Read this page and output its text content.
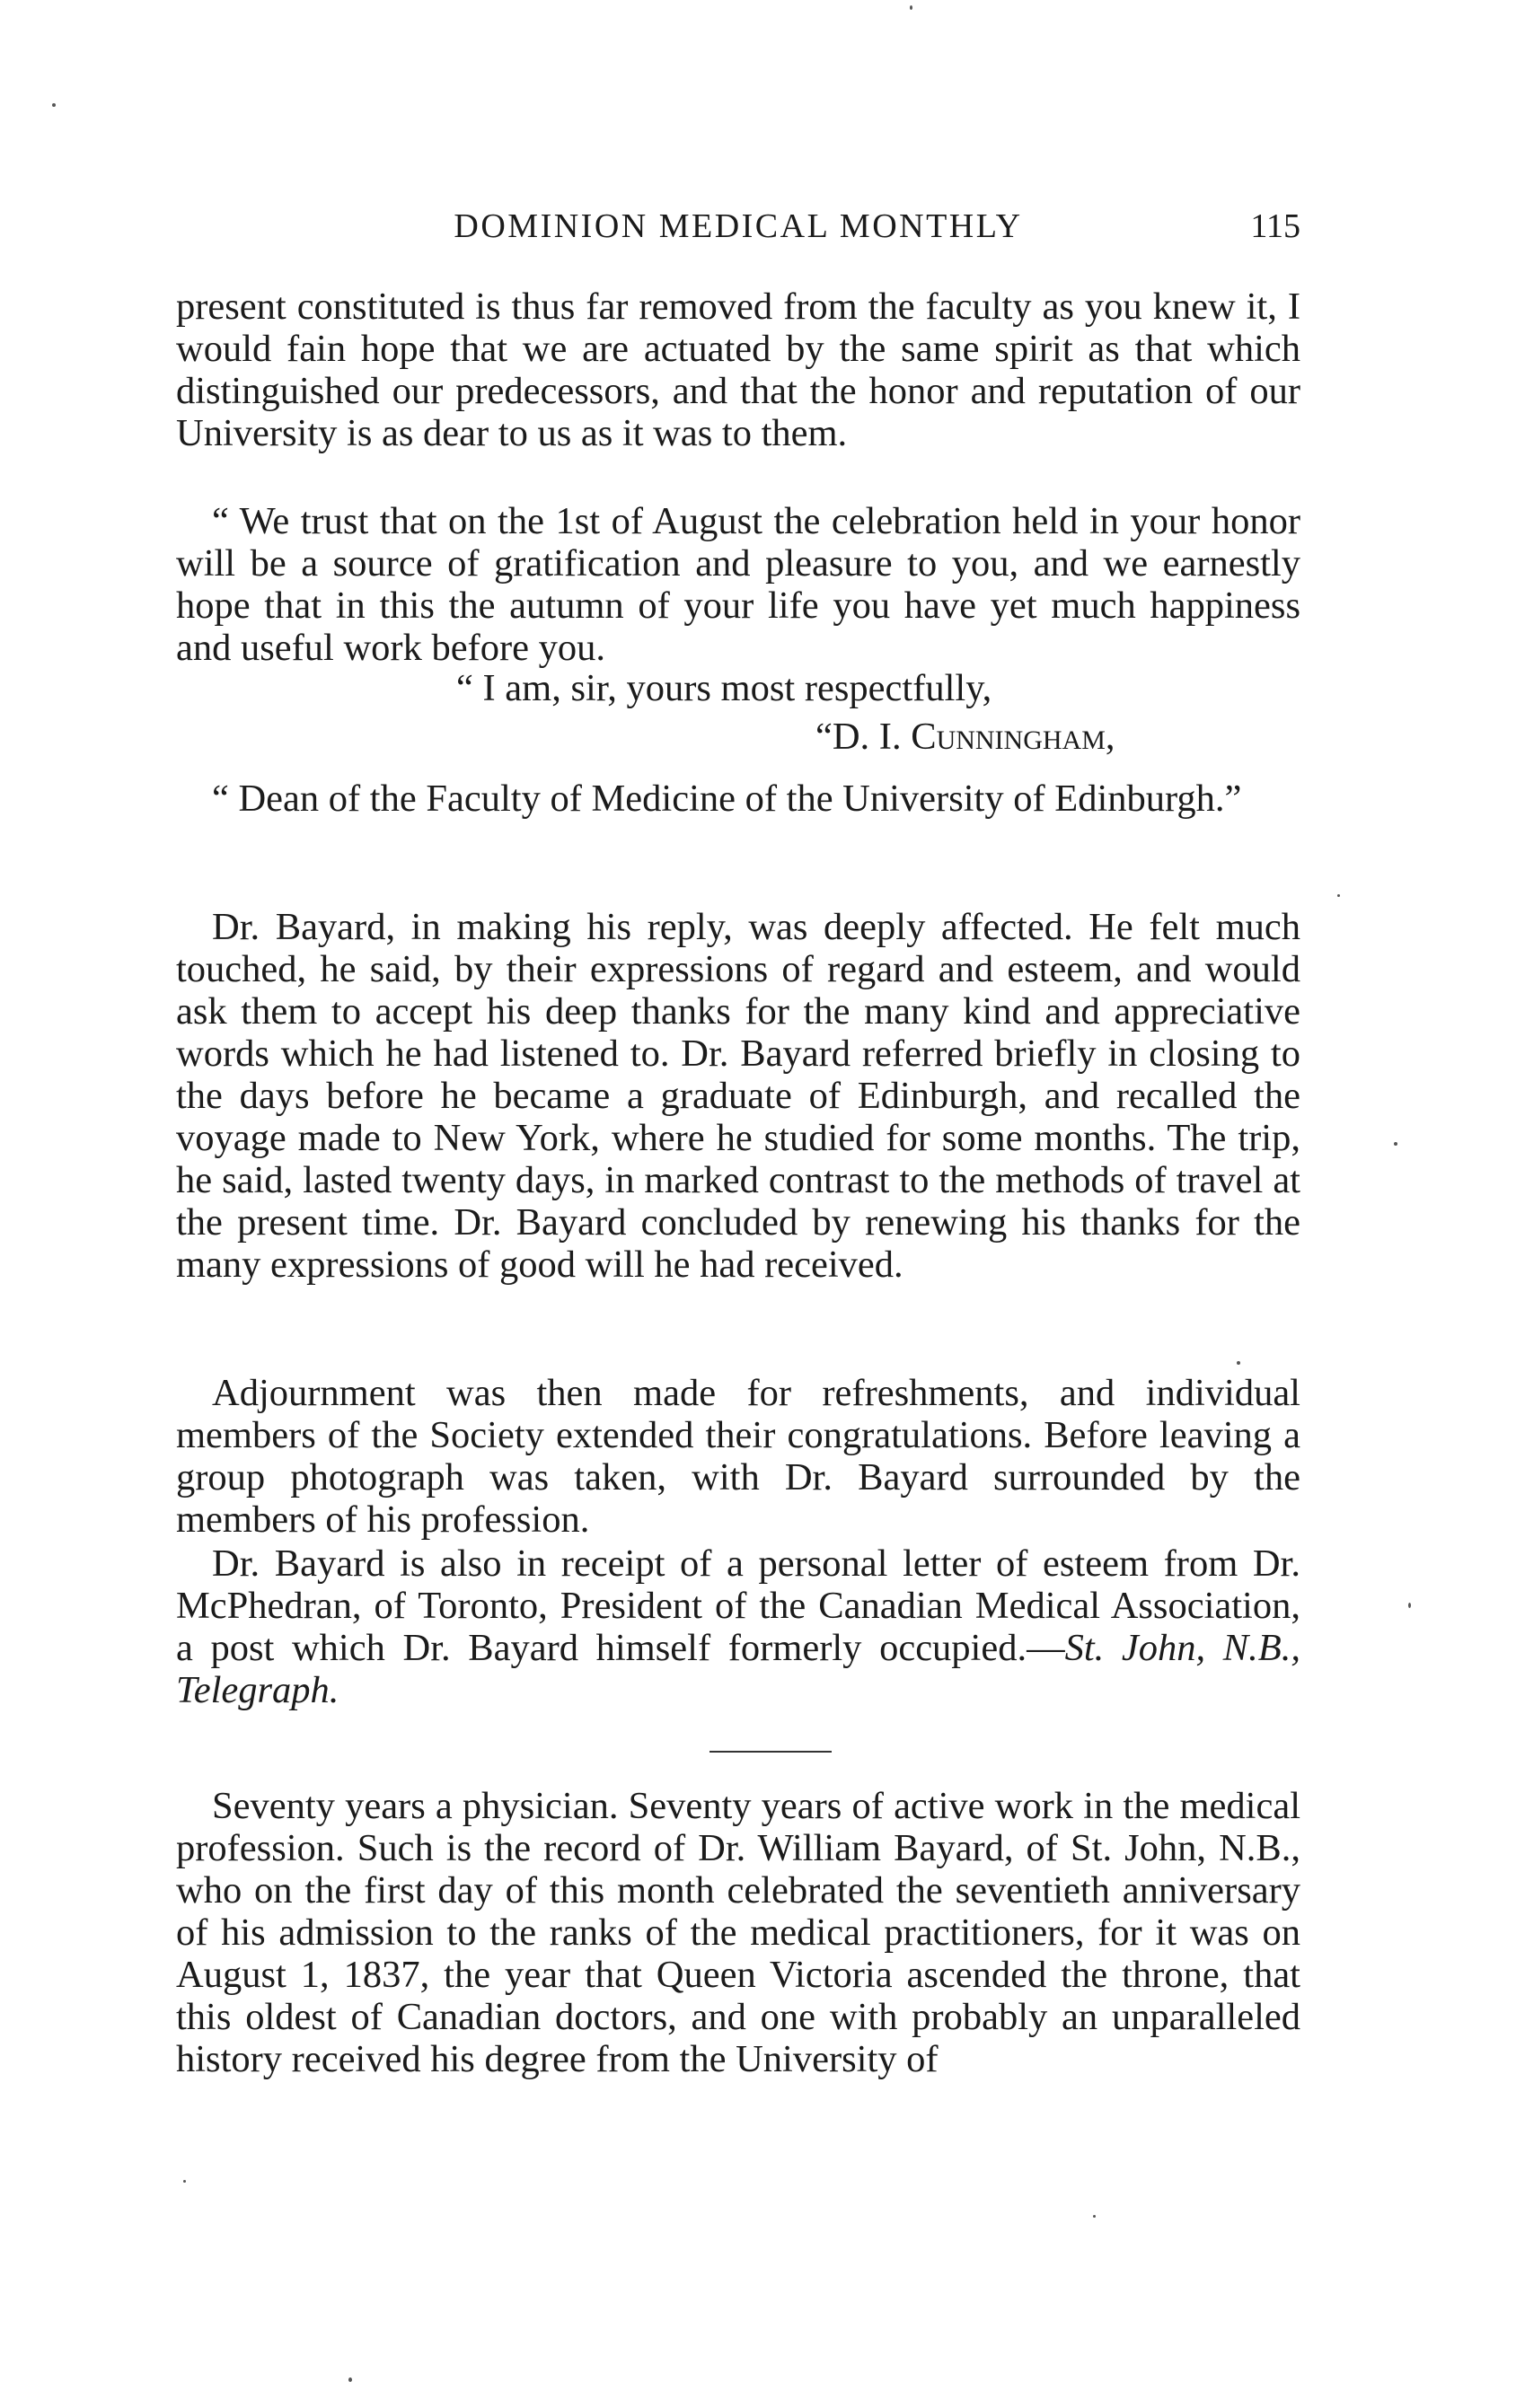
DOMINION MEDICAL MONTHLY	115

present constituted is thus far removed from the faculty as you knew it, I would fain hope that we are actuated by the same spirit as that which distinguished our predecessors, and that the honor and reputation of our University is as dear to us as it was to them.

“ We trust that on the 1st of August the celebration held in your honor will be a source of gratification and pleasure to you, and we earnestly hope that in this the autumn of your life you have yet much happiness and useful work before you.

“ I am, sir, yours most respectfully,

“D. I. Cunningham,

“ Dean of the Faculty of Medicine of the University of Edinburgh.”

Dr. Bayard, in making his reply, was deeply affected. He felt much touched, he said, by their expressions of regard and esteem, and would ask them to accept his deep thanks for the many kind and appreciative words which he had listened to. Dr. Bayard referred briefly in closing to the days before he became a graduate of Edinburgh, and recalled the voyage made to New York, where he studied for some months. The trip, he said, lasted twenty days, in marked contrast to the methods of travel at the present time. Dr. Bayard concluded by renewing his thanks for the many expressions of good will he had received.

Adjournment was then made for refreshments, and individual members of the Society extended their congratulations. Before leaving a group photograph was taken, with Dr. Bayard surrounded by the members of his profession.

Dr. Bayard is also in receipt of a personal letter of esteem from Dr. McPhedran, of Toronto, President of the Canadian Medical Association, a post which Dr. Bayard himself formerly occupied.—St. John, N.B., Telegraph.

Seventy years a physician. Seventy years of active work in the medical profession. Such is the record of Dr. William Bayard, of St. John, N.B., who on the first day of this month celebrated the seventieth anniversary of his admission to the ranks of the medical practitioners, for it was on August 1, 1837, the year that Queen Victoria ascended the throne, that this oldest of Canadian doctors, and one with probably an unparalleled history received his degree from the University of
